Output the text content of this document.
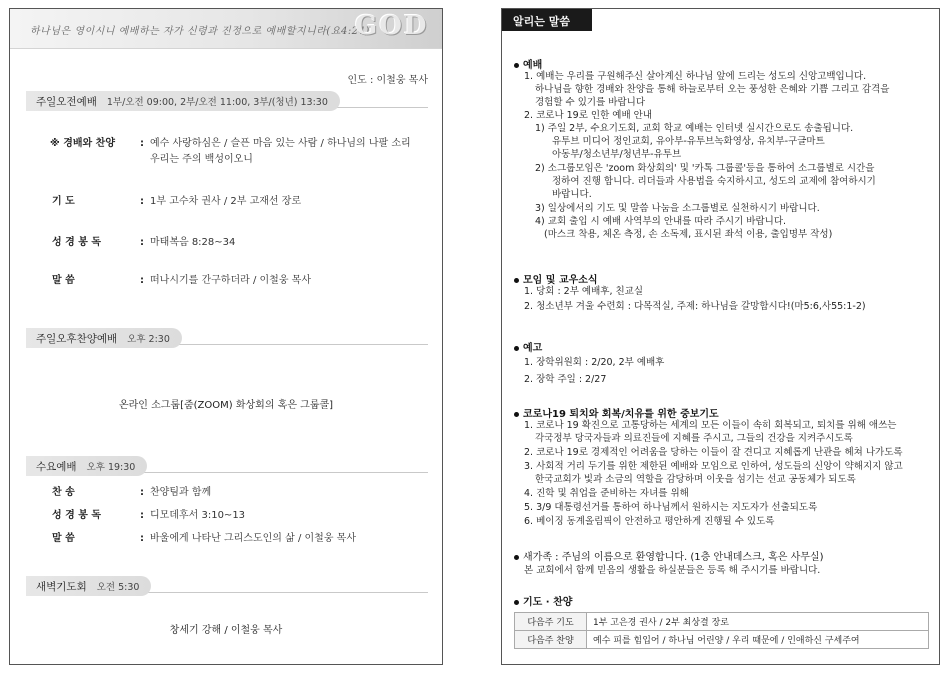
하나님은 영이시니 예배하는 자가 신령과 진정으로 예배할지니라(요4:24)
GOD
인도 : 이철웅 목사
주일오전예배 1부/오전 09:00, 2부/오전 11:00, 3부/(청년) 13:30
※ 경배와 찬양	: 예수 사랑하심은 / 슬픈 마음 있는 사람 / 하나님의 나팔 소리
우리는 주의 백성이오니
기 도	: 1부 고수차 권사 / 2부 고재선 장로
성 경 봉 독	: 마태복음 8:28~34
말 씀	: 떠나시기를 간구하더라 / 이철웅 목사
주일오후찬양예배 오후 2:30
온라인 소그룹[줌(ZOOM) 화상회의 혹은 그룹콜]
수요예배 오후 19:30
찬 송	: 찬양팀과 함께
성 경 봉 독	: 디모데후서 3:10~13
말 씀	: 바울에게 나타난 그리스도인의 삶 / 이철웅 목사
새벽기도회 오전 5:30
창세기 강해 / 이철웅 목사
알리는 말씀
예배
1. 예배는 우리를 구원해주신 살아계신 하나님 앞에 드리는 성도의 신앙고백입니다.
하나님을 향한 경배와 찬양을 통해 하늘로부터 오는 풍성한 은혜와 기쁨 그리고 감격을
경험할 수 있기를 바랍니다
2. 코로나 19로 인한 예배 안내
1) 주일 2부, 수요기도회, 교회 학교 예배는 인터넷 실시간으로도 송출됩니다.
유투브 미디어 정인교회, 유아부-유투브녹화영상, 유치부-구글마트
아동부/청소년부/청년부-유투브
2) 소그룹모임은 'zoom 화상회의' 및 '카톡 그룹콜'등을 통하여 소그룹별로 시간을
정하여 진행 합니다. 리더들과 사용법을 숙지하시고, 성도의 교제에 참여하시기
바랍니다.
3) 일상에서의 기도 및 말씀 나눔을 소그룹별로 실천하시기 바랍니다.
4) 교회 출입 시 예배 사역부의 안내를 따라 주시기 바랍니다.
(마스크 착용, 체온 측정, 손 소독제, 표시된 좌석 이용, 출입명부 작성)
모임 및 교우소식
1. 당회 : 2부 예배후, 친교실
2. 청소년부 겨울 수련회 : 다목적실, 주제: 하나님을 갈망합시다!(마5:6,사55:1-2)
예고
1. 장학위원회 : 2/20, 2부 예배후
2. 장학 주일 : 2/27
코로나19 퇴치와 회복/치유를 위한 중보기도
1. 코로나 19 확진으로 고통당하는 세계의 모든 이들이 속히 회복되고, 퇴치를 위해 애쓰는
각국정부 당국자들과 의료진들에 지혜를 주시고, 그들의 건강을 지켜주시도록
2. 코로나 19로 경제적인 어려움을 당하는 이들이 잘 견디고 지혜롭게 난관을 헤쳐 나가도록
3. 사회적 거리 두기를 위한 제한된 예배와 모임으로 인하여, 성도들의 신앙이 약해지지 않고
한국교회가 빛과 소금의 역할을 감당하며 이웃을 섬기는 선교 공동체가 되도록
4. 진학 및 취업을 준비하는 자녀를 위해
5. 3/9 대통령선거를 통하여 하나님께서 원하시는 지도자가 선출되도록
6. 베이징 동계올림픽이 안전하고 평안하게 진행될 수 있도록
새가족 : 주님의 이름으로 환영합니다. (1층 안내데스크, 혹은 사무실)
본 교회에서 함께 믿음의 생활을 하실분들은 등록 해 주시기를 바랍니다.
기도 · 찬양
다음주 기도	1부 고은경 권사 / 2부 최상결 장로
다음주 찬양	예수 피를 힘입어 / 하나님 어린양 / 우리 때문에 / 인애하신 구세주여
